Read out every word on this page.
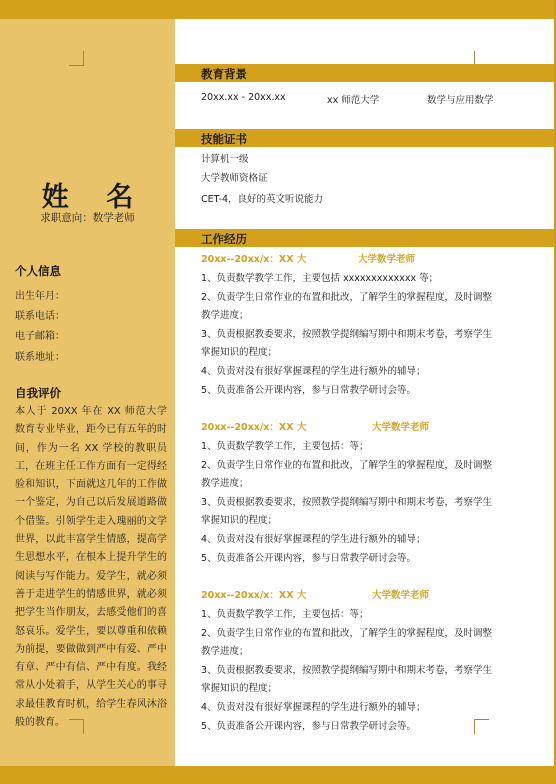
姓 名
求职意向：数学老师
个人信息
出生年月：
联系电话：
电子邮箱：
联系地址：
自我评价
本人于 20XX 年在 XX 师范大学数育专业毕业，距今已有五年的时间，作为一名 XX 学校的教职员工，在班主任工作方面有一定得经验和知识，下面就这几年的工作做一个鉴定，为自己以后发展道路做个借鉴。引领学生走入瑰丽的文学世界，以此丰富学生情感，提高学生思想水平，在根本上提升学生的阅读与写作能力。爱学生，就必须善于走进学生的情感世界，就必须把学生当作朋友，去感受他们的喜怒哀乐。爱学生，要以尊重和依赖为前提，要做做到严中有爱、严中有章、严中有信、严中有度。我经常从小处着手，从学生关心的事寻求最佳教育时机，给学生春风沐浴般的教育。
教育背景
20xx.xx - 20xx.xx	xx 师范大学	数学与应用数学
技能证书
计算机一级
大学教师资格证
CET-4，良好的英文听说能力
工作经历
20xx--20xx/x：XX 大	大学数学老师
1、负责数学教学工作，主要包括 xxxxxxxxxxxxx 等；
2、负责学生日常作业的布置和批改，了解学生的掌握程度，及时调整
教学进度；
3、负责根据教委要求，按照教学提纲编写期中和期末考卷，考察学生
掌握知识的程度；
4、负责对没有很好掌握课程的学生进行额外的辅导；
5、负责准备公开课内容，参与日常教学研讨会等。
20xx--20xx/x：XX 大	大学数学老师
1、负责数学教学工作，主要包括：等；
2、负责学生日常作业的布置和批改，了解学生的掌握程度，及时调整
教学进度；
3、负责根据教委要求，按照教学提纲编写期中和期末考卷，考察学生
掌握知识的程度；
4、负责对没有很好掌握课程的学生进行额外的辅导；
5、负责准备公开课内容，参与日常教学研讨会等。
20xx--20xx/x：XX 大	大学数学老师
1、负责数学教学工作，主要包括：等；
2、负责学生日常作业的布置和批改，了解学生的掌握程度，及时调整
教学进度；
3、负责根据教委要求，按照教学提纲编写期中和期末考卷，考察学生
掌握知识的程度；
4、负责对没有很好掌握课程的学生进行额外的辅导；
5、负责准备公开课内容，参与日常教学研讨会等。
